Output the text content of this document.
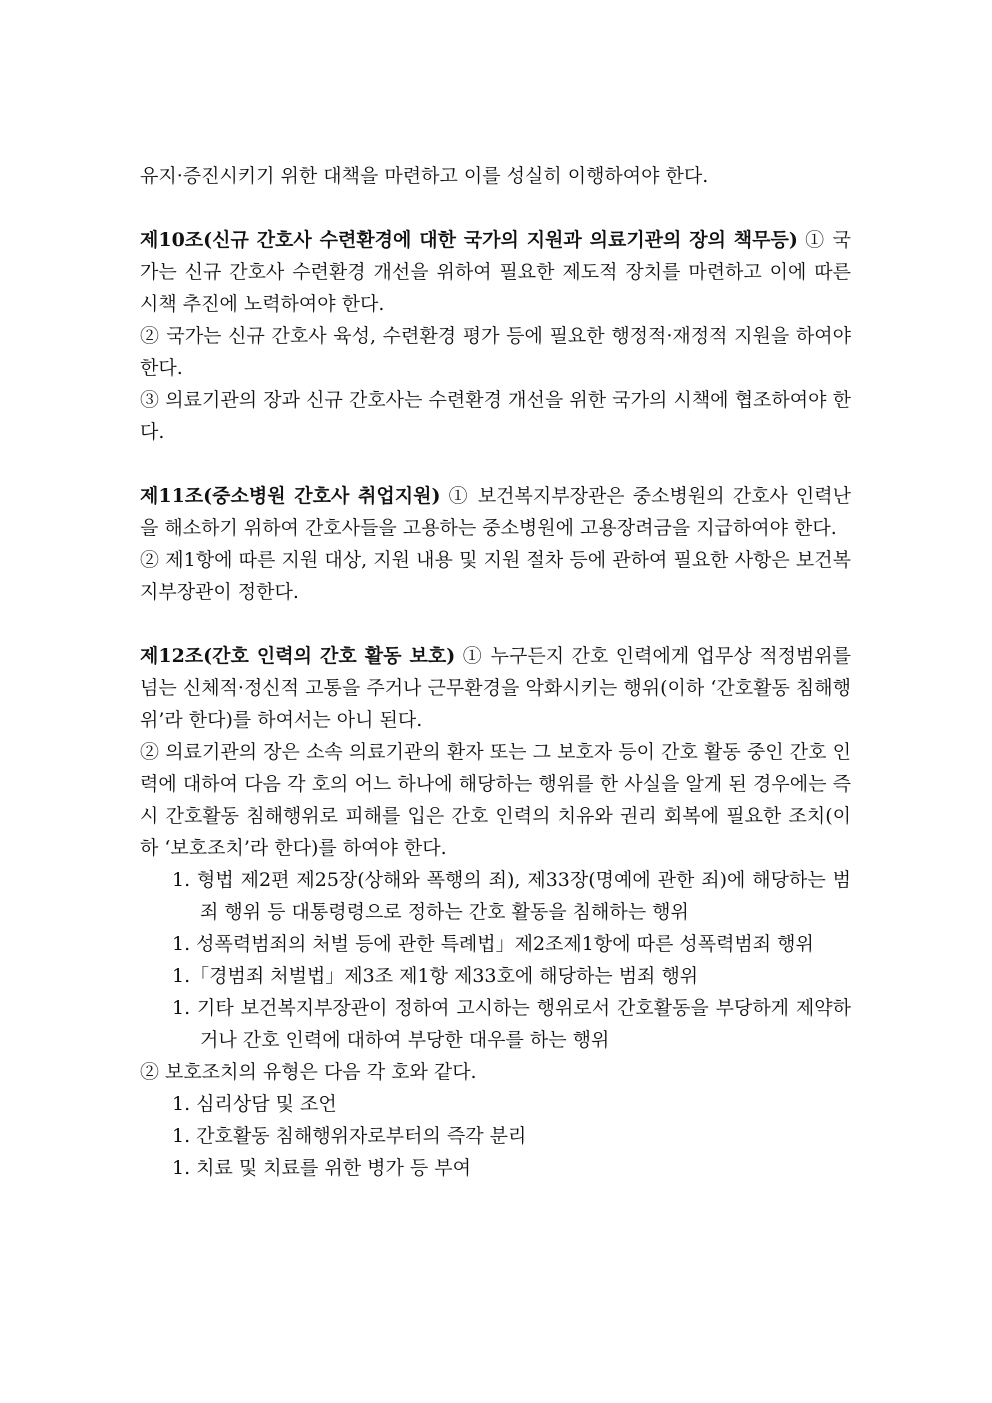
유지·증진시키기 위한 대책을 마련하고 이를 성실히 이행하여야 한다.

제10조(신규 간호사 수련환경에 대한 국가의 지원과 의료기관의 장의 책무등) ① 국가는 신규 간호사 수련환경 개선을 위하여 필요한 제도적 장치를 마련하고 이에 따른 시책 추진에 노력하여야 한다.

② 국가는 신규 간호사 육성, 수련환경 평가 등에 필요한 행정적·재정적 지원을 하여야 한다.

③ 의료기관의 장과 신규 간호사는 수련환경 개선을 위한 국가의 시책에 협조하여야 한다.

제11조(중소병원 간호사 취업지원) ① 보건복지부장관은 중소병원의 간호사 인력난을 해소하기 위하여 간호사들을 고용하는 중소병원에 고용장려금을 지급하여야 한다.

② 제1항에 따른 지원 대상, 지원 내용 및 지원 절차 등에 관하여 필요한 사항은 보건복지부장관이 정한다.

제12조(간호 인력의 간호 활동 보호) ① 누구든지 간호 인력에게 업무상 적정범위를 넘는 신체적·정신적 고통을 주거나 근무환경을 악화시키는 행위(이하 ‘간호활동 침해행위’라 한다)를 하여서는 아니 된다.

② 의료기관의 장은 소속 의료기관의 환자 또는 그 보호자 등이 간호 활동 중인 간호 인력에 대하여 다음 각 호의 어느 하나에 해당하는 행위를 한 사실을 알게 된 경우에는 즉시 간호활동 침해행위로 피해를 입은 간호 인력의 치유와 권리 회복에 필요한 조치(이하 ‘보호조치’라 한다)를 하여야 한다.

1. 형법 제2편 제25장(상해와 폭행의 죄), 제33장(명예에 관한 죄)에 해당하는 범죄 행위 등 대통령령으로 정하는 간호 활동을 침해하는 행위

1. 성폭력범죄의 처벌 등에 관한 특례법」제2조제1항에 따른 성폭력범죄 행위

1.「경범죄 처벌법」제3조 제1항 제33호에 해당하는 범죄 행위

1. 기타 보건복지부장관이 정하여 고시하는 행위로서 간호활동을 부당하게 제약하거나 간호 인력에 대하여 부당한 대우를 하는 행위

② 보호조치의 유형은 다음 각 호와 같다.

1. 심리상담 및 조언

1. 간호활동 침해행위자로부터의 즉각 분리

1. 치료 및 치료를 위한 병가 등 부여
